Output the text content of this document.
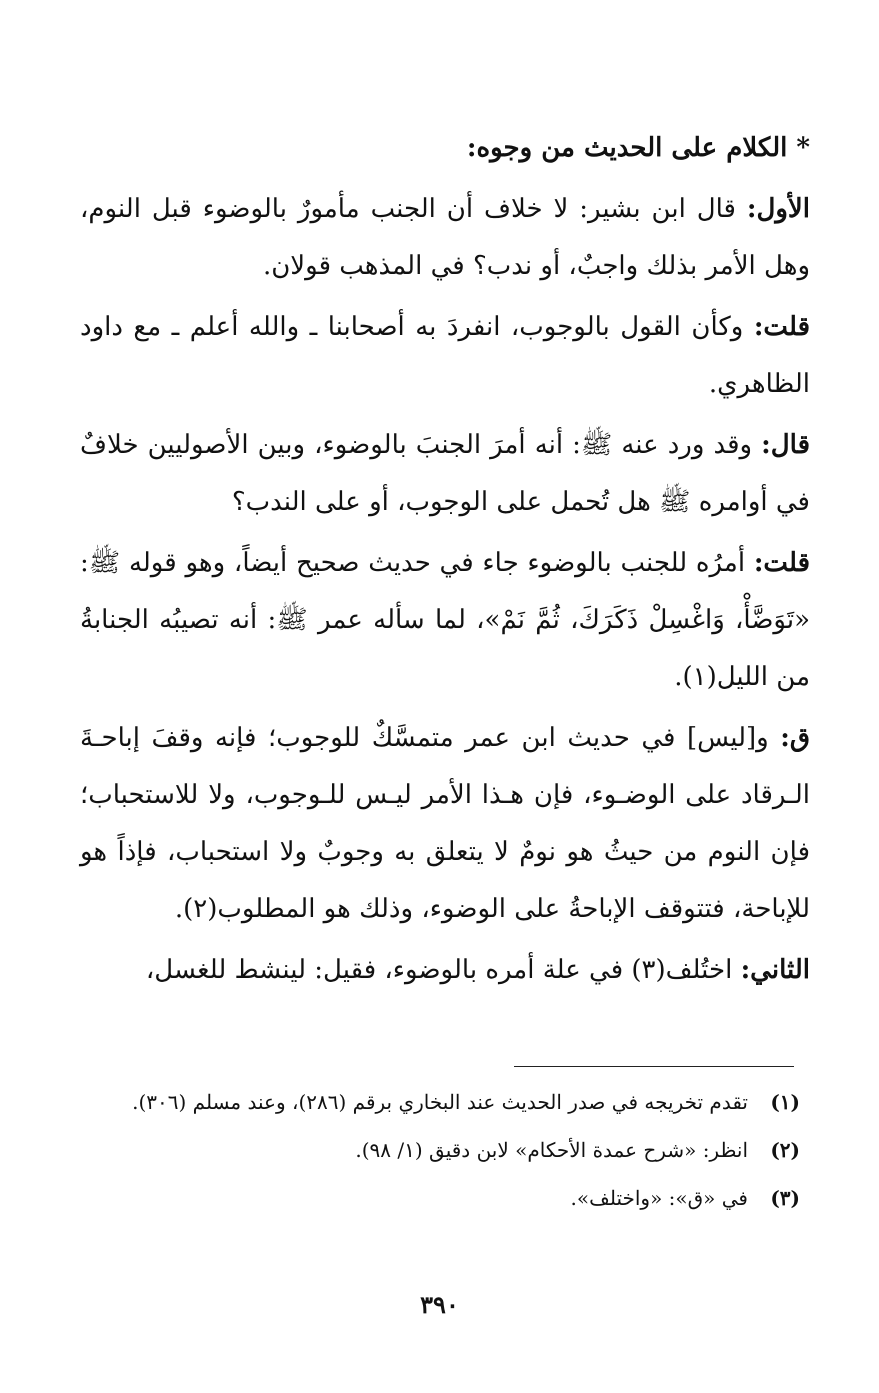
* الكلام على الحديث من وجوه:

الأول: قال ابن بشير: لا خلاف أن الجنب مأمورٌ بالوضوء قبل النوم، وهل الأمر بذلك واجبٌ، أو ندب؟ في المذهب قولان.

قلت: وكأن القول بالوجوب، انفردَ به أصحابنا ـ والله أعلم ـ مع داود الظاهري.

قال: وقد ورد عنه ﷺ: أنه أمرَ الجنبَ بالوضوء، وبين الأصوليين خلافٌ في أوامره ﷺ هل تُحمل على الوجوب، أو على الندب؟

قلت: أمرُه للجنب بالوضوء جاء في حديث صحيح أيضاً، وهو قوله ﷺ: «تَوَضَّأْ، وَاغْسِلْ ذَكَرَكَ، ثُمَّ نَمْ»، لما سأله عمر ﷺ: أنه تصيبُه الجنابةُ من الليل(١).

ق: و[ليس] في حديث ابن عمر متمسَّكٌ للوجوب؛ فإنه وقفَ إباحـةَ الـرقاد على الوضـوء، فإن هـذا الأمر ليـس للـوجوب، ولا للاستحباب؛ فإن النوم من حيثُ هو نومٌ لا يتعلق به وجوبٌ ولا استحباب، فإذاً هو للإباحة، فتتوقف الإباحةُ على الوضوء، وذلك هو المطلوب(٢).

الثاني: اختُلف(٣) في علة أمره بالوضوء، فقيل: لينشط للغسل،

(١)
تقدم تخريجه في صدر الحديث عند البخاري برقم (٢٨٦)، وعند مسلم (٣٠٦).
(٢)
انظر: «شرح عمدة الأحكام» لابن دقيق (١/ ٩٨).
(٣)
في «ق»: «واختلف».
٣٩٠
